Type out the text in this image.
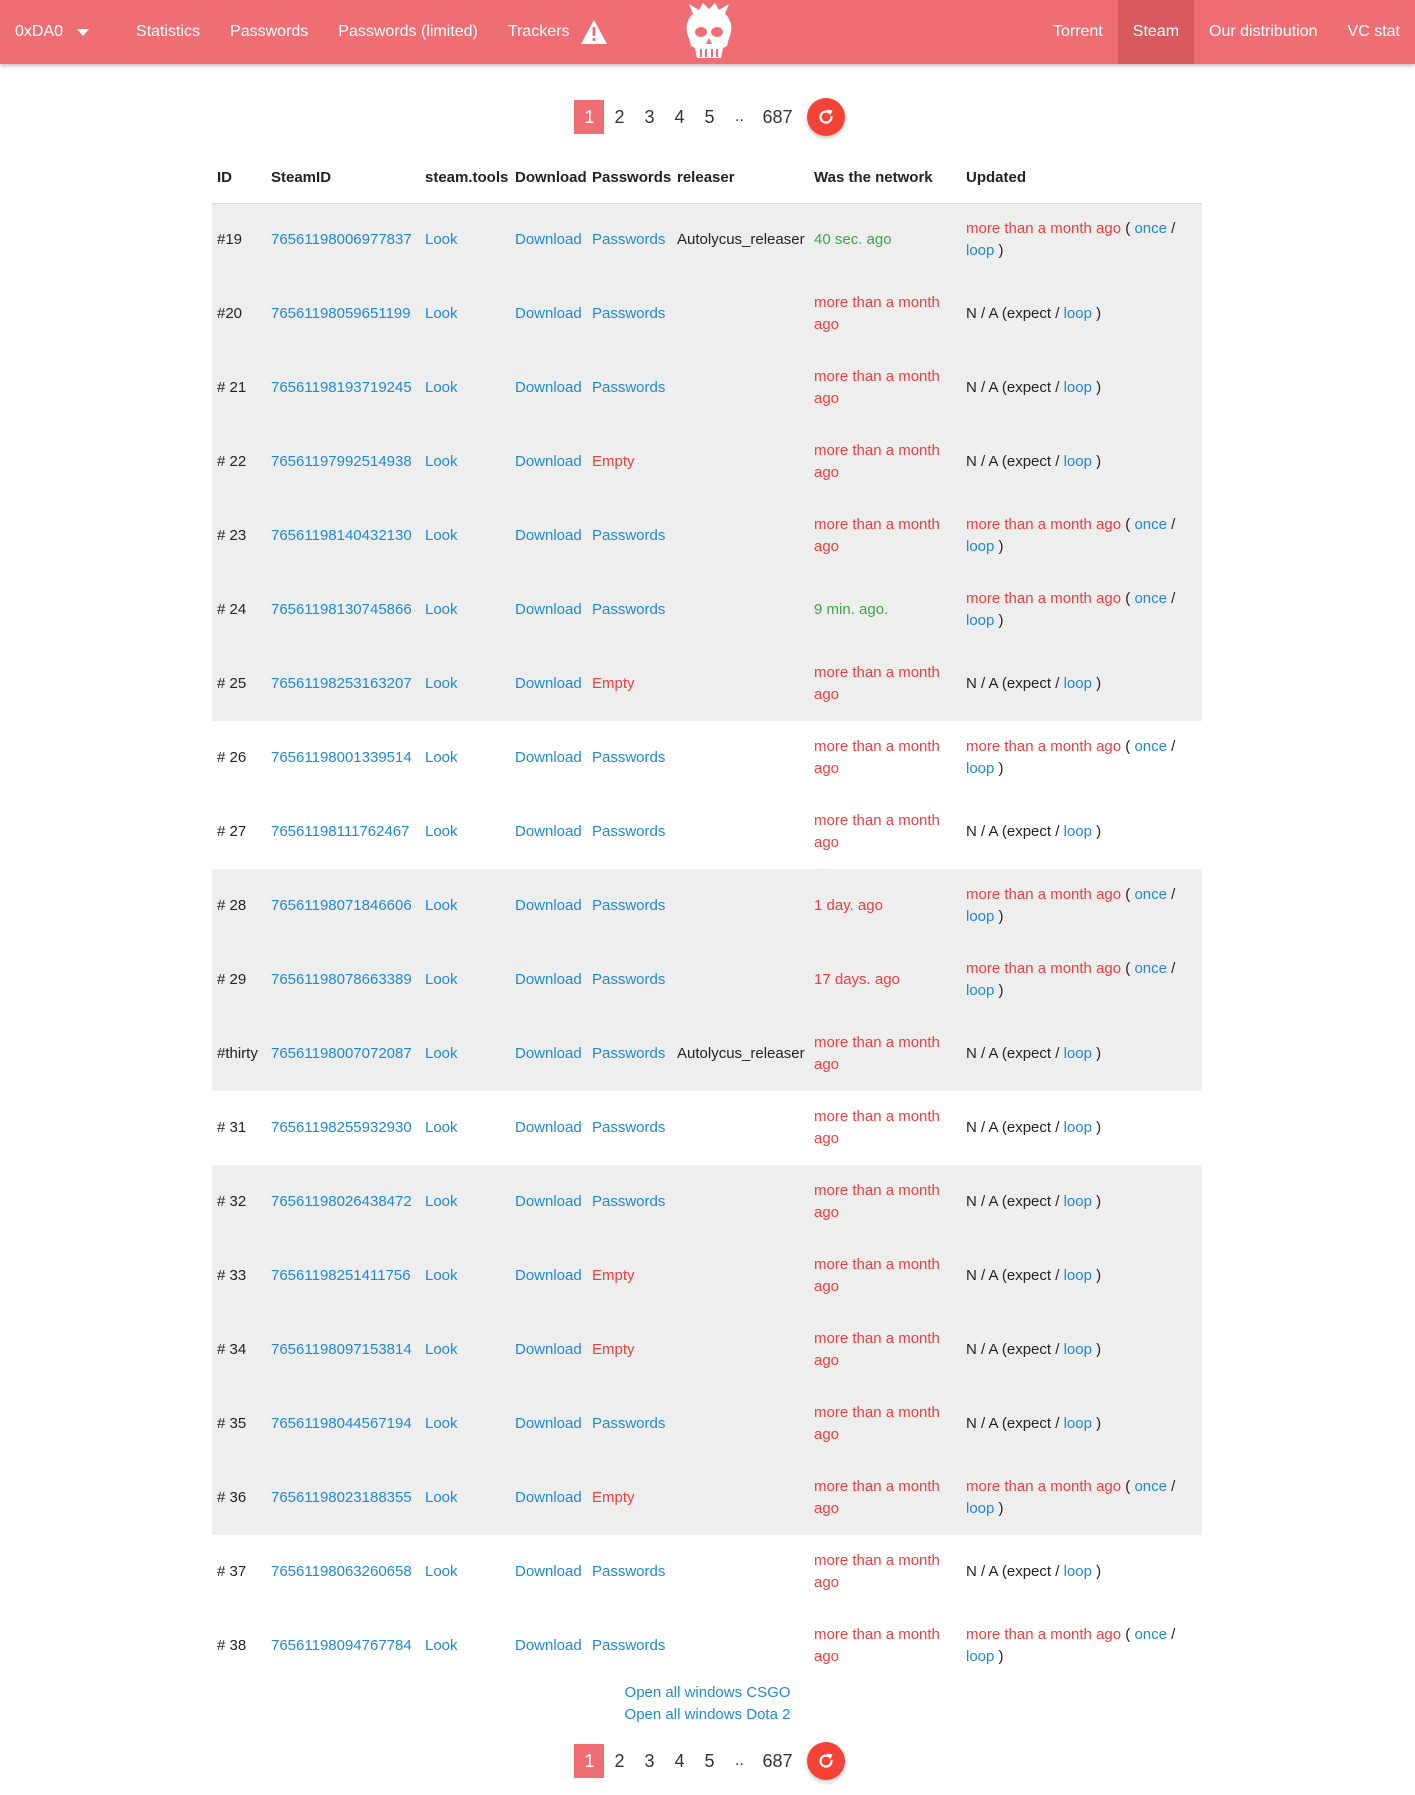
0xDA0	Statistics	Passwords	Passwords (limited)	Trackers	Torrent	Steam	Our distribution	VC stat
1	2	3	4	5	..	687
ID	SteamID	steam.tools	Download	Passwords	releaser	Was the network	Updated
#19	76561198006977837	Look	Download	Passwords	Autolycus_releaser	40 sec. ago	more than a month ago ( once /
loop )
#20	76561198059651199	Look	Download	Passwords		more than a month ago	N / A (expect / loop )
# 21	76561198193719245	Look	Download	Passwords		more than a month ago	N / A (expect / loop )
# 22	76561197992514938	Look	Download	Empty		more than a month ago	N / A (expect / loop )
# 23	76561198140432130	Look	Download	Passwords		more than a month ago	more than a month ago ( once /
loop )
# 24	76561198130745866	Look	Download	Passwords		9 min. ago.	more than a month ago ( once /
loop )
# 25	76561198253163207	Look	Download	Empty		more than a month ago	N / A (expect / loop )
# 26	76561198001339514	Look	Download	Passwords		more than a month ago	more than a month ago ( once /
loop )
# 27	76561198111762467	Look	Download	Passwords		more than a month ago	N / A (expect / loop )
# 28	76561198071846606	Look	Download	Passwords		1 day. ago	more than a month ago ( once /
loop )
# 29	76561198078663389	Look	Download	Passwords		17 days. ago	more than a month ago ( once /
loop )
#thirty	76561198007072087	Look	Download	Passwords	Autolycus_releaser	more than a month ago	N / A (expect / loop )
# 31	76561198255932930	Look	Download	Passwords		more than a month ago	N / A (expect / loop )
# 32	76561198026438472	Look	Download	Passwords		more than a month ago	N / A (expect / loop )
# 33	76561198251411756	Look	Download	Empty		more than a month ago	N / A (expect / loop )
# 34	76561198097153814	Look	Download	Empty		more than a month ago	N / A (expect / loop )
# 35	76561198044567194	Look	Download	Passwords		more than a month ago	N / A (expect / loop )
# 36	76561198023188355	Look	Download	Empty		more than a month ago	more than a month ago ( once /
loop )
# 37	76561198063260658	Look	Download	Passwords		more than a month ago	N / A (expect / loop )
# 38	76561198094767784	Look	Download	Passwords		more than a month ago	more than a month ago ( once /
loop )
Open all windows CSGO
Open all windows Dota 2
1	2	3	4	5	..	687
